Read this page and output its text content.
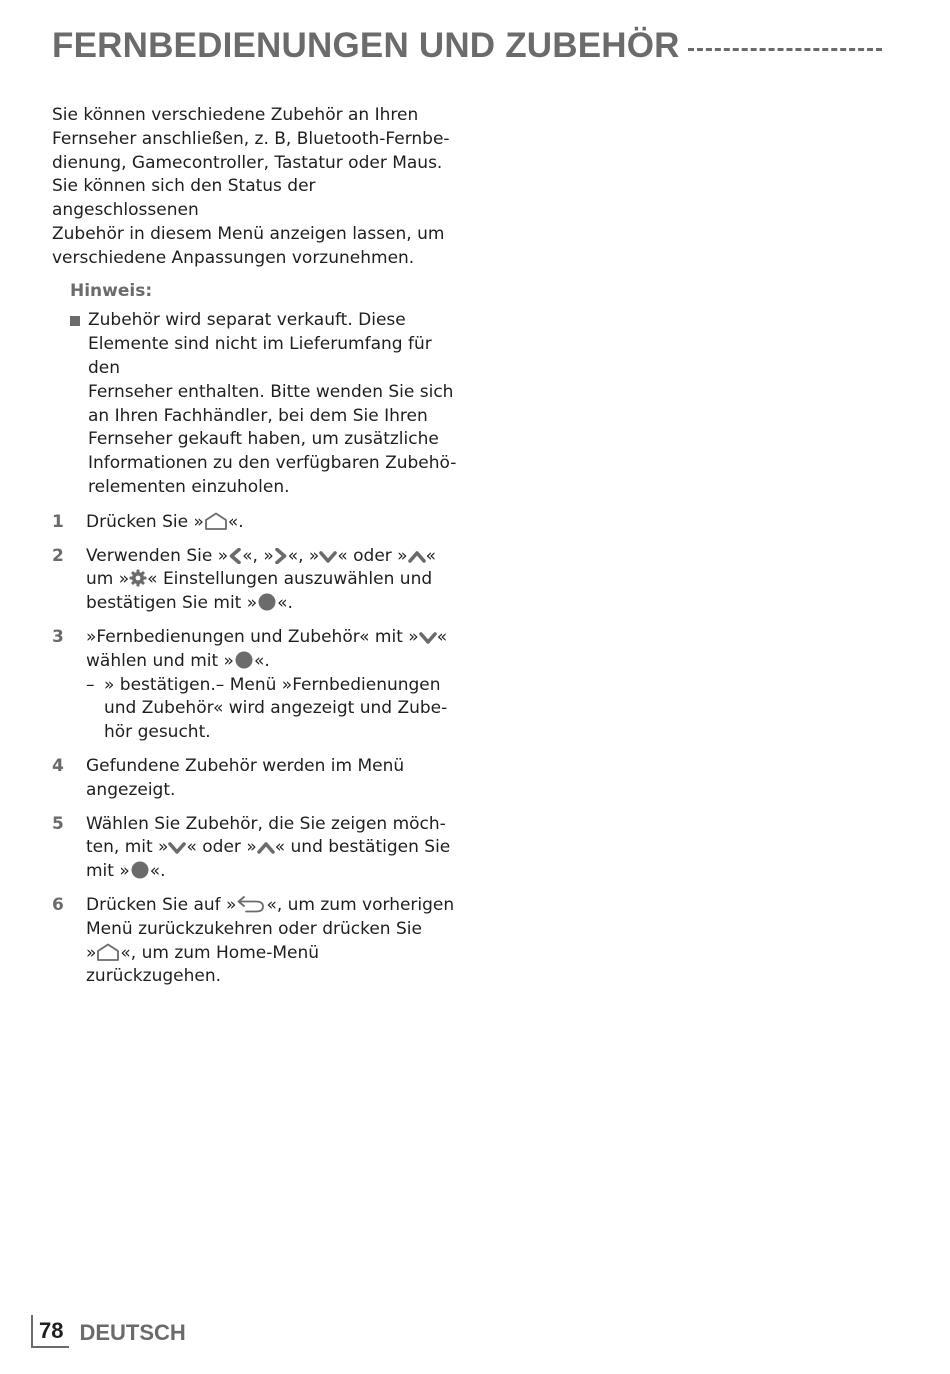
FERNBEDIENUNGEN UND ZUBEHÖR

Sie können verschiedene Zubehör an Ihren
Fernseher anschließen, z. B, Bluetooth-Fernbe-
dienung, Gamecontroller, Tastatur oder Maus.
Sie können sich den Status der angeschlossenen
Zubehör in diesem Menü anzeigen lassen, um
verschiedene Anpassungen vorzunehmen.

Hinweis:
Zubehör wird separat verkauft. Diese
Elemente sind nicht im Lieferumfang für den
Fernseher enthalten. Bitte wenden Sie sich
an Ihren Fachhändler, bei dem Sie Ihren
Fernseher gekauft haben, um zusätzliche
Informationen zu den verfügbaren Zubehö-
relementen einzuholen.
1 Drücken Sie » «.
2 Verwenden Sie » «, » «, » « oder » «
um » « Einstellungen auszuwählen und
bestätigen Sie mit » «.
3 »Fernbedienungen und Zubehör« mit » «
wählen und mit » «.
– » bestätigen.– Menü »Fernbedienungen
und Zubehör« wird angezeigt und Zube-
hör gesucht.
4 Gefundene Zubehör werden im Menü
angezeigt.
5 Wählen Sie Zubehör, die Sie zeigen möch-
ten, mit » « oder » « und bestätigen Sie
mit » «.
6 Drücken Sie auf » «, um zum vorherigen
Menü zurückzukehren oder drücken Sie
» «, um zum Home-Menü zurückzugehen.
78 DEUTSCH
